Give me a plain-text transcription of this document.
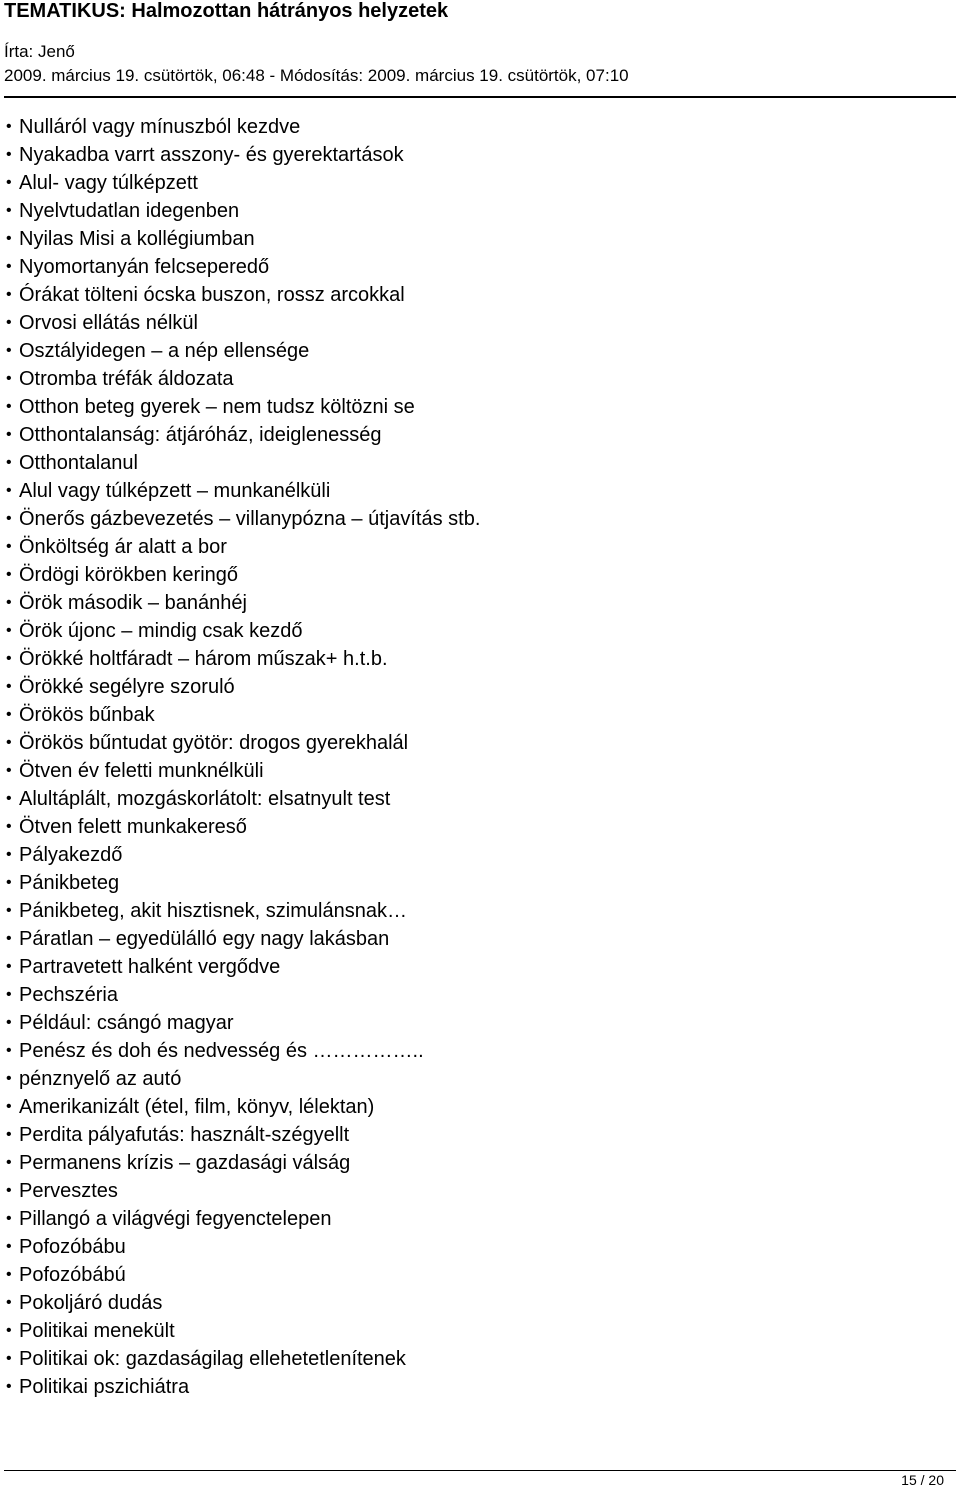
TEMATIKUS: Halmozottan hátrányos helyzetek
Írta: Jenő
2009. március 19. csütörtök, 06:48 - Módosítás: 2009. március 19. csütörtök, 07:10
• Nulláról vagy mínuszból kezdve
• Nyakadba varrt asszony- és gyerektartások
• Alul- vagy túlképzett
• Nyelvtudatlan idegenben
• Nyilas Misi a kollégiumban
• Nyomortanyán felcseperedő
• Órákat tölteni ócska buszon, rossz arcokkal
• Orvosi ellátás nélkül
• Osztályidegen – a nép ellensége
• Otromba tréfák áldozata
• Otthon beteg gyerek – nem tudsz költözni se
• Otthontalanság: átjáróház, ideiglenesség
• Otthontalanul
• Alul vagy túlképzett – munkanélküli
• Önerős gázbevezetés – villanypózna – útjavítás stb.
• Önköltség ár alatt a bor
• Ördögi körökben keringő
• Örök második – banánhéj
• Örök újonc – mindig csak kezdő
• Örökké holtfáradt – három műszak+ h.t.b.
• Örökké segélyre szoruló
• Örökös bűnbak
• Örökös bűntudat gyötör: drogos gyerekhalál
• Ötven év feletti munknélküli
• Alultáplált, mozgáskorlátolt: elsatnyult test
• Ötven felett munkakereső
• Pályakezdő
• Pánikbeteg
• Pánikbeteg, akit hisztisnek, szimulánsnak…
• Páratlan – egyedülálló egy nagy lakásban
• Partravetett halként vergődve
• Pechszéria
• Például: csángó magyar
• Penész és doh és nedvesség és ……………..
• pénznyelő az autó
• Amerikanizált (étel, film, könyv, lélektan)
• Perdita pályafutás: használt-szégyellt
• Permanens krízis – gazdasági válság
• Pervesztes
• Pillangó a világvégi fegyenctelepen
• Pofozóbábu
• Pofozóbábú
• Pokoljáró dudás
• Politikai menekült
• Politikai ok: gazdaságilag ellehetetlenítenek
• Politikai pszichiátra
15 / 20
